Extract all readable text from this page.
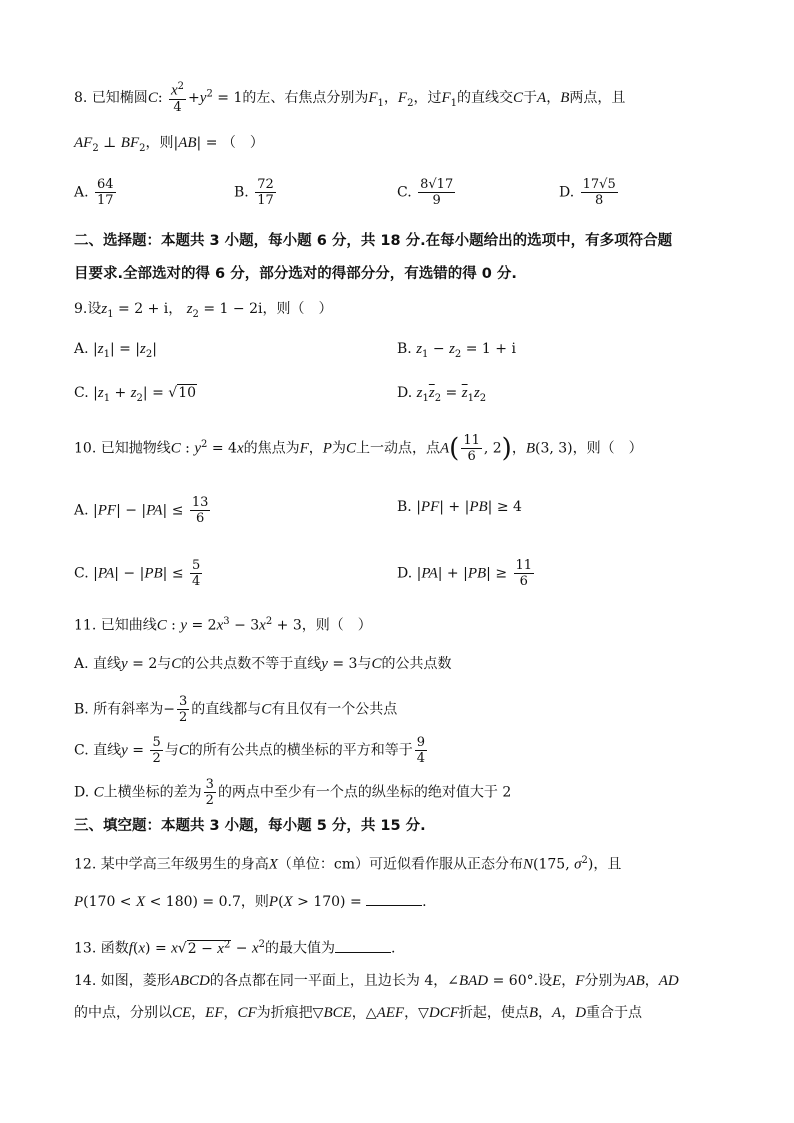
8. 已知椭圆C: $\frac{x^2}{4} +y^2 = 1$的左、右焦点分别为$F_1$，$F_2$，过$F_1$的直线交C于A，B两点，且
$AF_2$ ⊥ $BF_2$，则|AB| = （　）
A. $\frac{64}{17}$	B. $\frac{72}{17}$	C. $\frac{8√17}{9}$	D. $\frac{17√5}{8}$
二、选择题：本题共 3 小题，每小题 6 分，共 18 分.在每小题给出的选项中，有多项符合题
目要求.全部选对的得 6 分，部分选对的得部分分，有选错的得 0 分.
9.设$z_1 = 2 + i$， $z_2 = 1 - 2i$，则（　）
A. $|z_1| = |z_2|$	B. $z_1 - z_2 = 1 + i$
C. $|z_1 + z_2| = √10$	D. $z_1\overline{z}_2 = \overline{z}_1z_2$
10. 已知抛物线C : $y^2 = 4x$的焦点为F，P为C上一动点，点$A( \frac{11}{6}$ , 2)，B(3, 3)，则（　）
A. $|PF| - |PA| \le \frac{13}{6}$	B. |PF| + |PB| ≥ 4
C. $|PA| - |PB| \le \frac{5}{4}$	D. $|PA| + |PB| \ge \frac{11}{6}$
11. 已知曲线C : $y = 2x^3 - 3x^2 + 3$，则（　）
A. 直线y = 2与C的公共点数不等于直线y = 3与C的公共点数
B. 所有斜率为− $\frac{3}{2}$ 的直线都与C有且仅有一个公共点
C. 直线$y = \frac{5}{2}$ 与C的所有公共点的横坐标的平方和等于 $\frac{9}{4}$
D. C上横坐标的差为 $\frac{3}{2}$ 的两点中至少有一个点的纵坐标的绝对值大于 2
三、填空题：本题共 3 小题，每小题 5 分，共 15 分.
12. 某中学高三年级男生的身高X（单位：cm）可近似看作服从正态分布N(175, $\sigma^2$)，且
P(170 < X < 180) = 0.7，则P(X > 170) =	.
13. 函数$f(x) = x√2 - x^2 - x^2$的最大值为	.
14. 如图，菱形ABCD的各点都在同一平面上，且边长为 4，∠BAD = 60°.设E，F分别为AB，AD
的中点，分别以CE，EF，CF为折痕把▽BCE，△AEF，▽DCF折起，使点B，A，D重合于点
